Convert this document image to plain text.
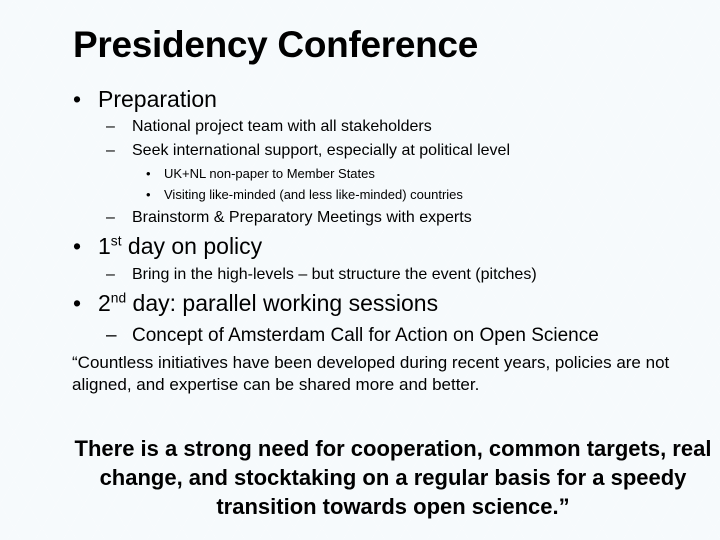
Presidency Conference
• Preparation
– National project team with all stakeholders
– Seek international support, especially at political level
• UK+NL non-paper to Member States
• Visiting like-minded (and less like-minded) countries
– Brainstorm & Preparatory Meetings with experts
• 1st day on policy
– Bring in the high-levels – but structure the event (pitches)
• 2nd day: parallel working sessions
– Concept of Amsterdam Call for Action on Open Science
“Countless initiatives have been developed during recent years, policies are not aligned, and expertise can be shared more and better.
There is a strong need for cooperation, common targets, real change, and stocktaking on a regular basis for a speedy transition towards open science.”
